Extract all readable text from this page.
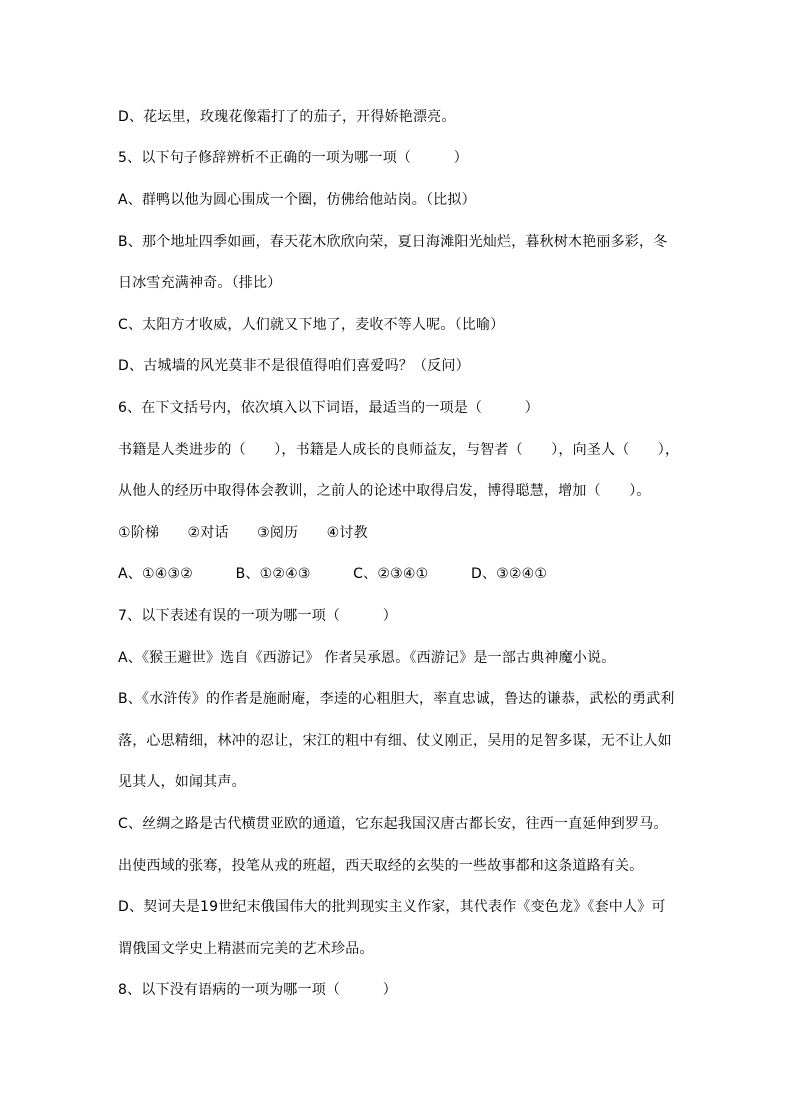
D、花坛里，玫瑰花像霜打了的茄子，开得娇艳漂亮。
5、以下句子修辞辨析不正确的一项为哪一项（　　　）
A、群鸭以他为圆心围成一个圈，仿佛给他站岗。（比拟）
B、那个地址四季如画，春天花木欣欣向荣，夏日海滩阳光灿烂，暮秋树木艳丽多彩，冬
日冰雪充满神奇。（排比）
C、太阳方才收威，人们就又下地了，麦收不等人呢。（比喻）
D、古城墙的风光莫非不是很值得咱们喜爱吗？（反问）
6、在下文括号内，依次填入以下词语，最适当的一项是（　　　）
书籍是人类进步的（　　），书籍是人成长的良师益友，与智者（　　），向圣人（　　），
从他人的经历中取得体会教训，之前人的论述中取得启发，博得聪慧，增加（　　）。
①阶梯　　②对话　　③阅历　　④讨教
A、①④③②　　　B、①②④③　　　C、②③④①　　　D、③②④①
7、以下表述有误的一项为哪一项（　　　）
A、《猴王避世》选自《西游记》 作者吴承恩。《西游记》是一部古典神魔小说。
B、《水浒传》的作者是施耐庵，李逵的心粗胆大，率直忠诚，鲁达的谦恭，武松的勇武利
落，心思精细，林冲的忍让，宋江的粗中有细、仗义刚正，吴用的足智多谋，无不让人如
见其人，如闻其声。
C、丝绸之路是古代横贯亚欧的通道，它东起我国汉唐古都长安，往西一直延伸到罗马。
出使西域的张骞，投笔从戎的班超，西天取经的玄奘的一些故事都和这条道路有关。
D、契诃夫是19世纪末俄国伟大的批判现实主义作家，其代表作《变色龙》《套中人》可
谓俄国文学史上精湛而完美的艺术珍品。
8、以下没有语病的一项为哪一项（　　　）
